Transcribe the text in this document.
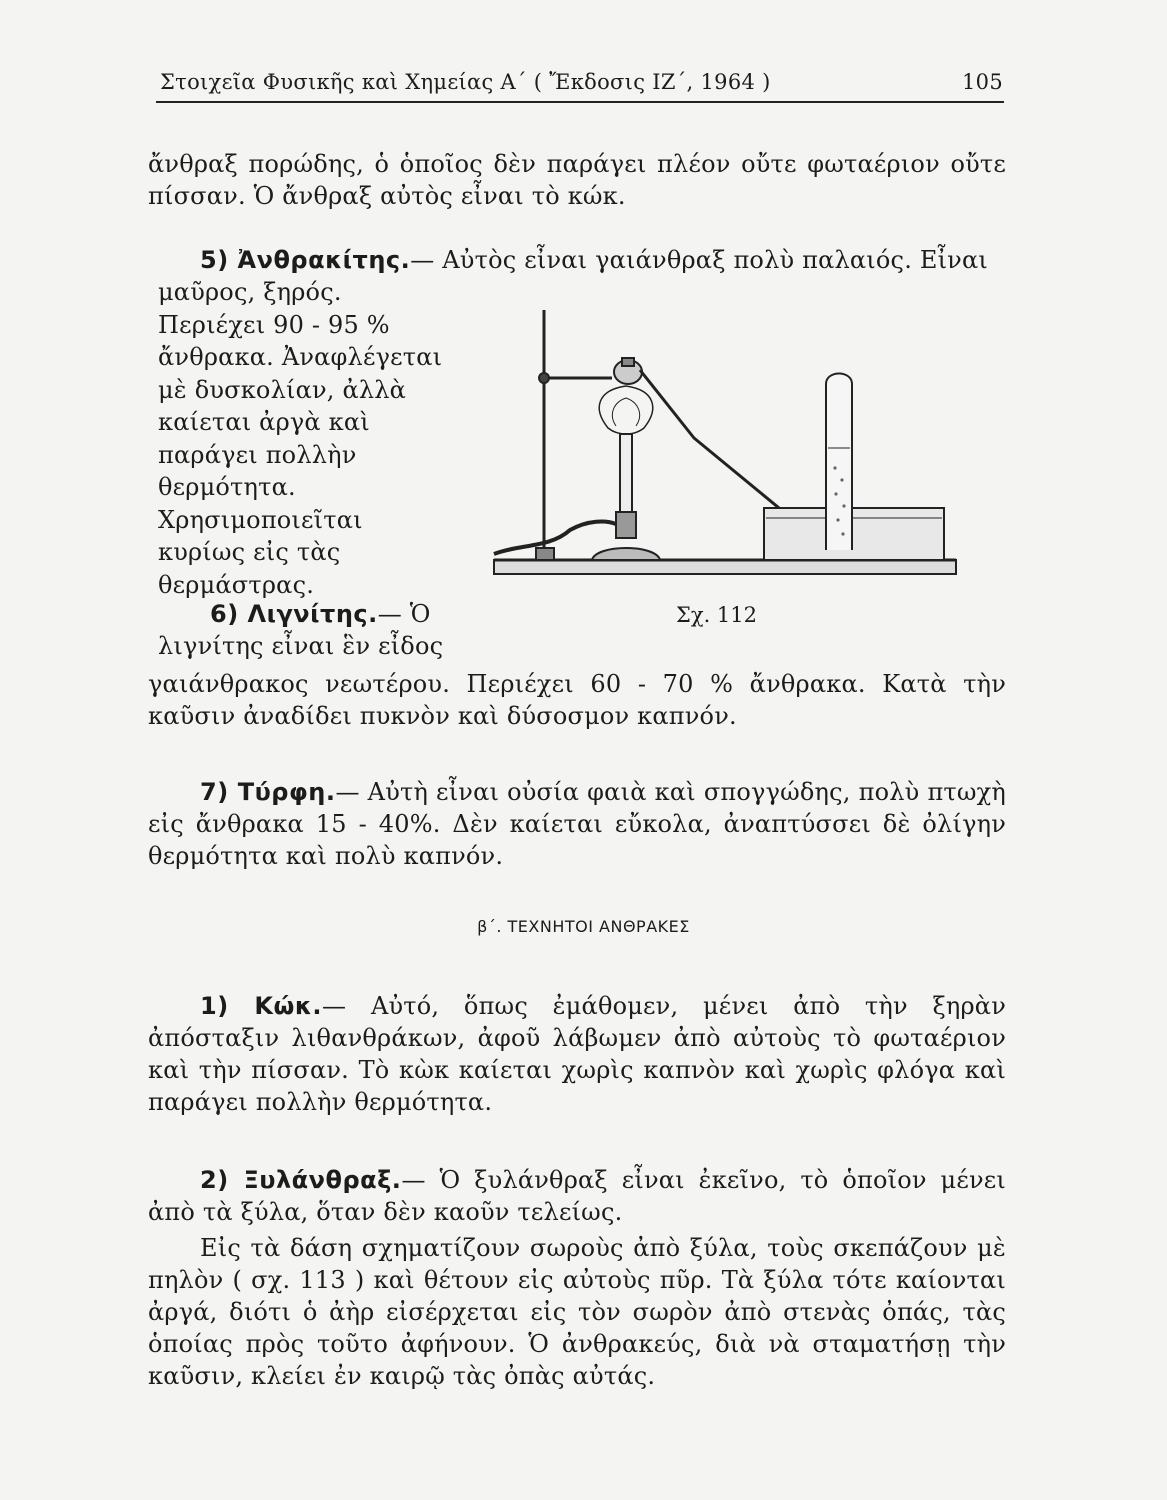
Στοιχεῖα Φυσικῆς καὶ Χημείας Α΄ ( Ἔκδοσις ΙΖ΄, 1964 )	105

ἄνθραξ πορώδης, ὁ ὁποῖος δὲν παράγει πλέον οὔτε φωταέριον οὔτε πίσσαν. Ὁ ἄνθραξ αὐτὸς εἶναι τὸ κώκ.

5) Ἀνθρακίτης.— Αὐτὸς εἶναι γαιάνθραξ πολὺ παλαιός. Εἶναι

μαῦρος, ξηρός. Περιέχει 90 - 95 % ἄνθρακα. Ἀναφλέγεται μὲ δυσκολίαν, ἀλλὰ καίεται ἀργὰ καὶ παράγει πολλὴν θερμότητα. Χρησιμοποιεῖται κυρίως εἰς τὰς θερμάστρας.

6) Λιγνίτης.— Ὁ λιγνίτης εἶναι ἓν εἶδος

γαιάνθρακος νεωτέρου. Περιέχει 60 - 70 % ἄνθρακα. Κατὰ τὴν καῦσιν ἀναδίδει πυκνὸν καὶ δύσοσμον καπνόν.

Σχ. 112

7) Τύρφη.— Αὐτὴ εἶναι οὐσία φαιὰ καὶ σπογγώδης, πολὺ πτωχὴ εἰς ἄνθρακα 15 - 40%. Δὲν καίεται εὔκολα, ἀναπτύσσει δὲ ὀλίγην θερμότητα καὶ πολὺ καπνόν.

β΄. ΤΕΧΝΗΤΟΙ ΑΝΘΡΑΚΕΣ

1) Κώκ.— Αὐτό, ὅπως ἐμάθομεν, μένει ἀπὸ τὴν ξηρὰν ἀπόσταξιν λιθανθράκων, ἀφοῦ λάβωμεν ἀπὸ αὐτοὺς τὸ φωταέριον καὶ τὴν πίσσαν. Τὸ κὼκ καίεται χωρὶς καπνὸν καὶ χωρὶς φλόγα καὶ παράγει πολλὴν θερμότητα.

2) Ξυλάνθραξ.— Ὁ ξυλάνθραξ εἶναι ἐκεῖνο, τὸ ὁποῖον μένει ἀπὸ τὰ ξύλα, ὅταν δὲν καοῦν τελείως.

Εἰς τὰ δάση σχηματίζουν σωροὺς ἀπὸ ξύλα, τοὺς σκεπάζουν μὲ πηλὸν ( σχ. 113 ) καὶ θέτουν εἰς αὐτοὺς πῦρ. Τὰ ξύλα τότε καίονται ἀργά, διότι ὁ ἀὴρ εἰσέρχεται εἰς τὸν σωρὸν ἀπὸ στενὰς ὀπάς, τὰς ὁποίας πρὸς τοῦτο ἀφήνουν. Ὁ ἀνθρακεύς, διὰ νὰ σταματήσῃ τὴν καῦσιν, κλείει ἐν καιρῷ τὰς ὀπὰς αὐτάς.
